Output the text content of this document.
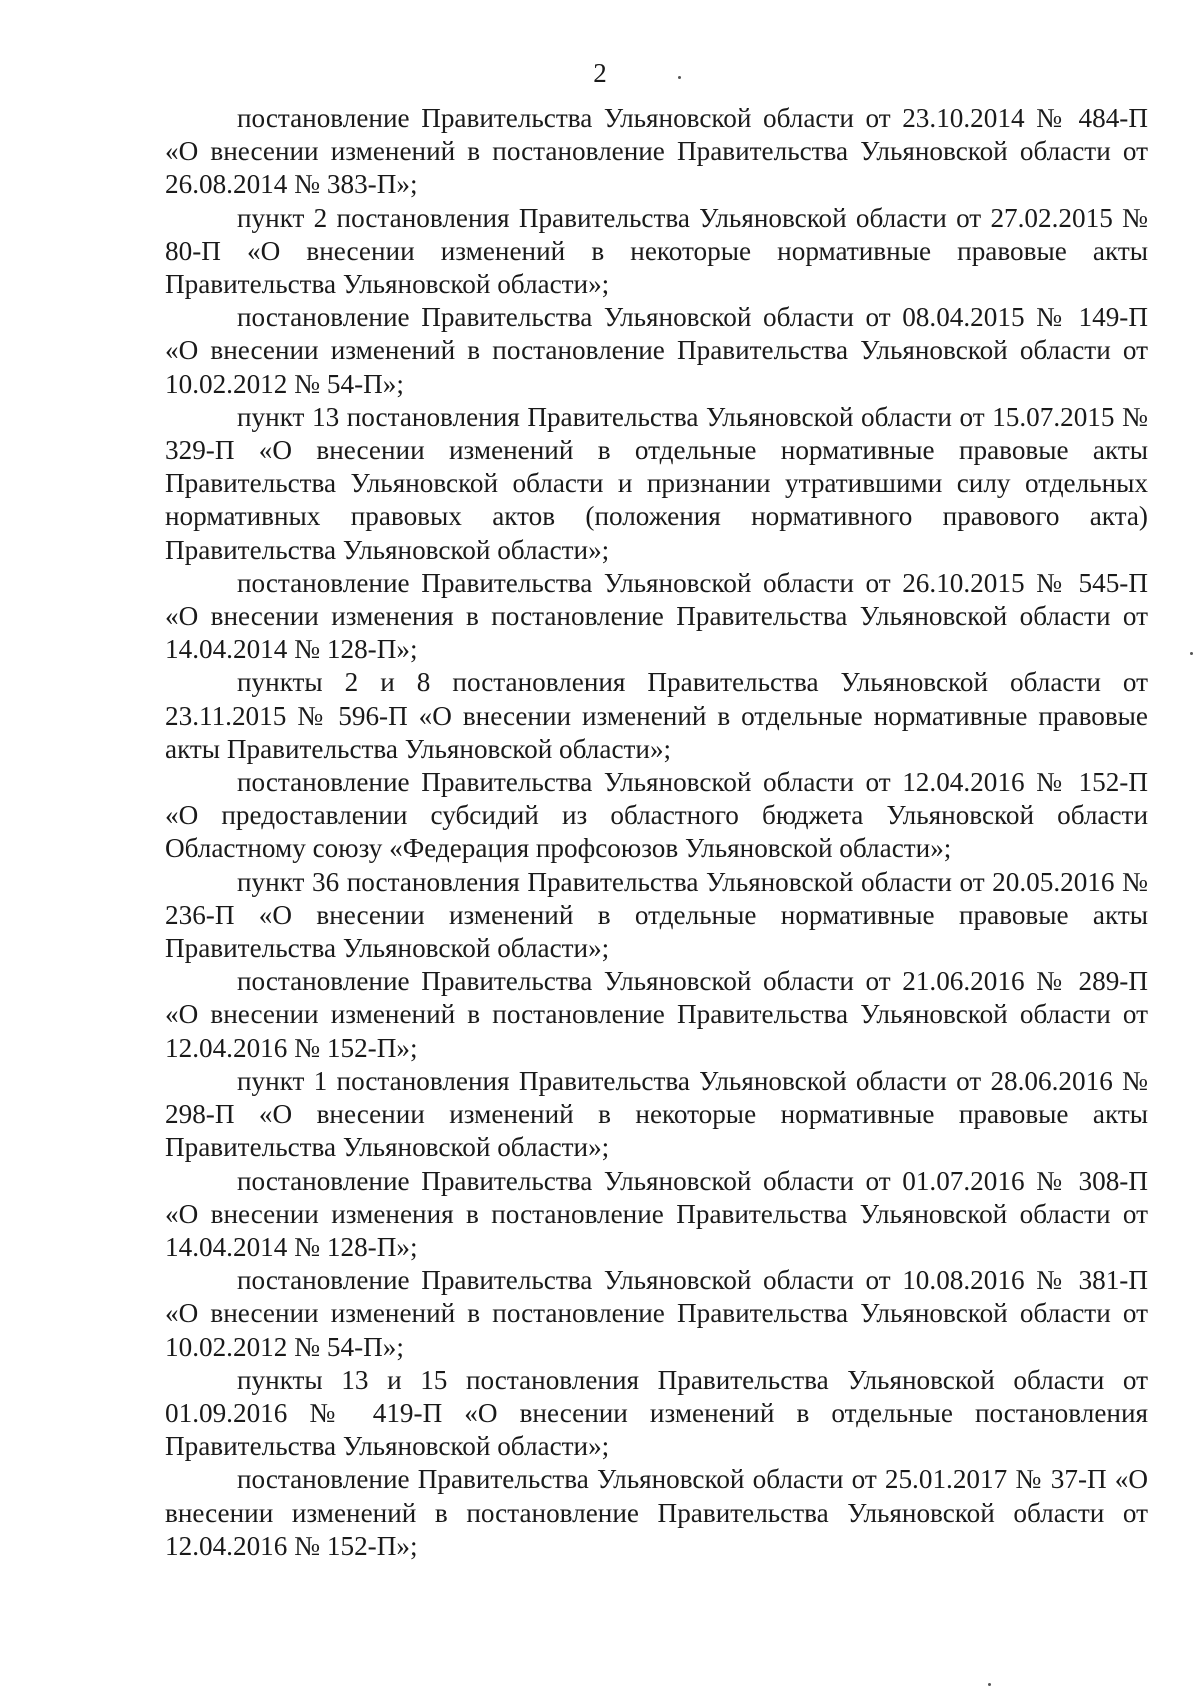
2

постановление Правительства Ульяновской области от 23.10.2014 № 484-П «О внесении изменений в постановление Правительства Ульяновской области от 26.08.2014 № 383-П»;

пункт 2 постановления Правительства Ульяновской области от 27.02.2015 № 80-П «О внесении изменений в некоторые нормативные правовые акты Правительства Ульяновской области»;

постановление Правительства Ульяновской области от 08.04.2015 № 149-П «О внесении изменений в постановление Правительства Ульяновской области от 10.02.2012 № 54-П»;

пункт 13 постановления Правительства Ульяновской области от 15.07.2015 № 329-П «О внесении изменений в отдельные нормативные правовые акты Правительства Ульяновской области и признании утратившими силу отдельных нормативных правовых актов (положения нормативного правового акта) Правительства Ульяновской области»;

постановление Правительства Ульяновской области от 26.10.2015 № 545-П «О внесении изменения в постановление Правительства Ульяновской области от 14.04.2014 № 128-П»;

пункты 2 и 8 постановления Правительства Ульяновской области от 23.11.2015 № 596-П «О внесении изменений в отдельные нормативные правовые акты Правительства Ульяновской области»;

постановление Правительства Ульяновской области от 12.04.2016 № 152-П «О предоставлении субсидий из областного бюджета Ульяновской области Областному союзу «Федерация профсоюзов Ульяновской области»;

пункт 36 постановления Правительства Ульяновской области от 20.05.2016 № 236-П «О внесении изменений в отдельные нормативные правовые акты Правительства Ульяновской области»;

постановление Правительства Ульяновской области от 21.06.2016 № 289-П «О внесении изменений в постановление Правительства Ульяновской области от 12.04.2016 № 152-П»;

пункт 1 постановления Правительства Ульяновской области от 28.06.2016 № 298-П «О внесении изменений в некоторые нормативные правовые акты Правительства Ульяновской области»;

постановление Правительства Ульяновской области от 01.07.2016 № 308-П «О внесении изменения в постановление Правительства Ульяновской области от 14.04.2014 № 128-П»;

постановление Правительства Ульяновской области от 10.08.2016 № 381-П «О внесении изменений в постановление Правительства Ульяновской области от 10.02.2012 № 54-П»;

пункты 13 и 15 постановления Правительства Ульяновской области от 01.09.2016 № 419-П «О внесении изменений в отдельные постановления Правительства Ульяновской области»;

постановление Правительства Ульяновской области от 25.01.2017 № 37-П «О внесении изменений в постановление Правительства Ульяновской области от 12.04.2016 № 152-П»;
